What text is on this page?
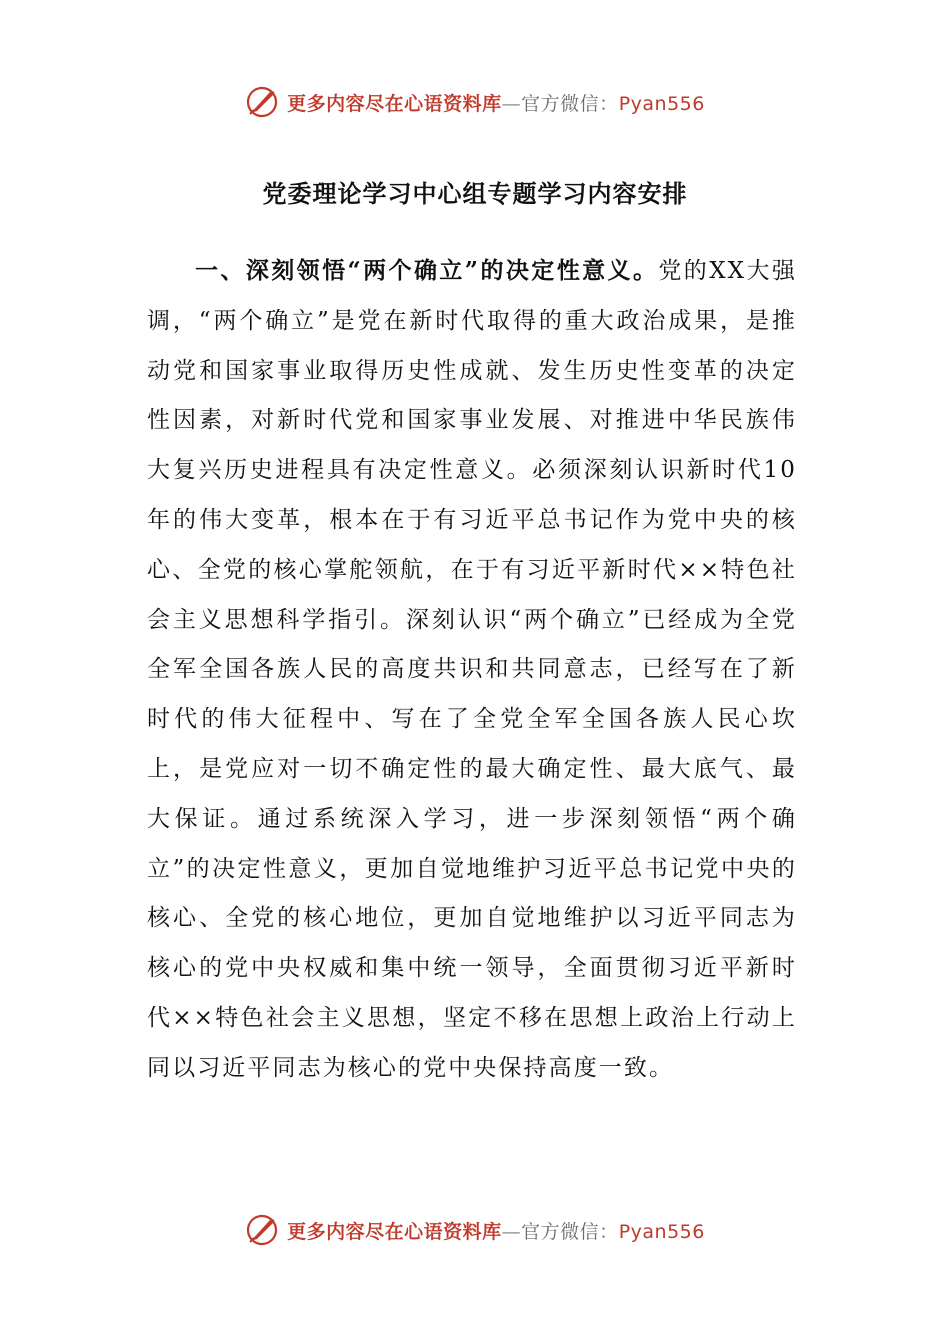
更多内容尽在心语资料库—官方微信：Pyan556
党委理论学习中心组专题学习内容安排

一、深刻领悟“两个确立”的决定性意义。党的XX大强调，“两个确立”是党在新时代取得的重大政治成果，是推动党和国家事业取得历史性成就、发生历史性变革的决定性因素，对新时代党和国家事业发展、对推进中华民族伟大复兴历史进程具有决定性意义。必须深刻认识新时代10年的伟大变革，根本在于有习近平总书记作为党中央的核心、全党的核心掌舵领航，在于有习近平新时代××特色社会主义思想科学指引。深刻认识“两个确立”已经成为全党全军全国各族人民的高度共识和共同意志，已经写在了新时代的伟大征程中、写在了全党全军全国各族人民心坎上，是党应对一切不确定性的最大确定性、最大底气、最大保证。通过系统深入学习，进一步深刻领悟“两个确立”的决定性意义，更加自觉地维护习近平总书记党中央的核心、全党的核心地位，更加自觉地维护以习近平同志为核心的党中央权威和集中统一领导，全面贯彻习近平新时代××特色社会主义思想，坚定不移在思想上政治上行动上同以习近平同志为核心的党中央保持高度一致。

更多内容尽在心语资料库—官方微信：Pyan556
